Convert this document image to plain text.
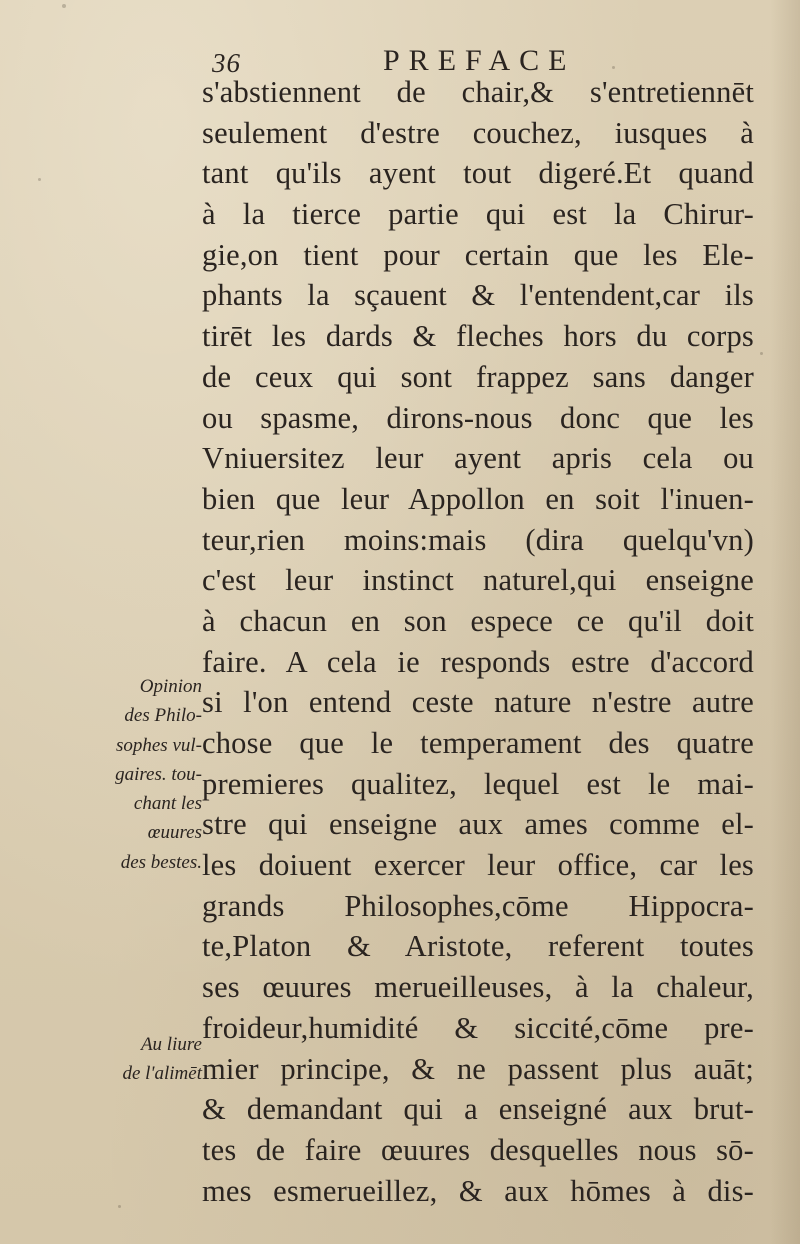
36	PREFACE
s'abstiennent de chair,& s'entretiennēt
seulement d'estre couchez, iusques à
tant qu'ils ayent tout digeré.Et quand
à la tierce partie qui est la Chirur-
gie,on tient pour certain que les Ele-
phants la sçauent & l'entendent,car ils
tirēt les dards & fleches hors du corps
de ceux qui sont frappez sans danger
ou spasme, dirons-nous donc que les
Vniuersitez leur ayent apris cela ou
bien que leur Appollon en soit l'inuen-
teur,rien moins:mais (dira quelqu'vn)
c'est leur instinct naturel,qui enseigne
à chacun en son espece ce qu'il doit
faire. A cela ie responds estre d'accord
si l'on entend ceste nature n'estre autre
chose que le temperament des quatre
premieres qualitez, lequel est le mai-
stre qui enseigne aux ames comme el-
les doiuent exercer leur office, car les
grands Philosophes,cōme Hippocra-
te,Platon & Aristote, referent toutes
ses œuures merueilleuses, à la chaleur,
froideur,humidité & siccité,cōme pre-
mier principe, & ne passent plus auāt;
& demandant qui a enseigné aux brut-
tes de faire œuures desquelles nous sō-
mes esmerueillez, & aux hōmes à dis-
Opinion
des Philo-
sophes vul-
gaires. tou-
chant les
œuures
des bestes.
Au liure
de l'alimēt
